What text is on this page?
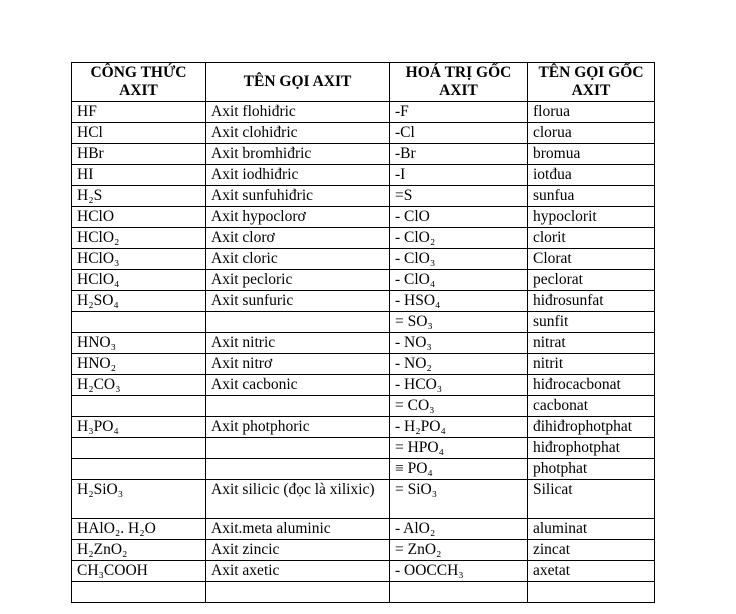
CÔNG THỨC AXIT	TÊN GỌI AXIT	HOÁ TRỊ GỐC AXIT	TÊN GỌI GỐC AXIT
HF	Axit flohiđric	-F	florua
HCl	Axit clohiđric	-Cl	clorua
HBr	Axit bromhiđric	-Br	bromua
HI	Axit iodhiđric	-I	iotđua
H₂S	Axit sunfuhiđric	=S	sunfua
HClO	Axit hypoclorơ	- ClO	hypoclorit
HClO₂	Axit clorơ	- ClO₂	clorit
HClO₃	Axit cloric	- ClO₃	Clorat
HClO₄	Axit pecloric	- ClO₄	peclorat
H₂SO₄	Axit sunfuric	- HSO₄	hiđrosunfat
		= SO₃	sunfit
HNO₃	Axit nitric	- NO₃	nitrat
HNO₂	Axit nitrơ	- NO₂	nitrit
H₂CO₃	Axit cacbonic	- HCO₃	hiđrocacbonat
		= CO₃	cacbonat
H₃PO₄	Axit photphoric	- H₂PO₄	đihiđrophotphat
		= HPO₄	hiđrophotphat
		≡ PO₄	photphat
H₂SiO₃	Axit silicic (đọc là xilixic)	= SiO₃	Silicat
HAlO₂. H₂O	Axit.meta aluminic	- AlO₂	aluminat
H₂ZnO₂	Axit zincic	= ZnO₂	zincat
CH₃COOH	Axit axetic	- OOCCH₃	axetat
